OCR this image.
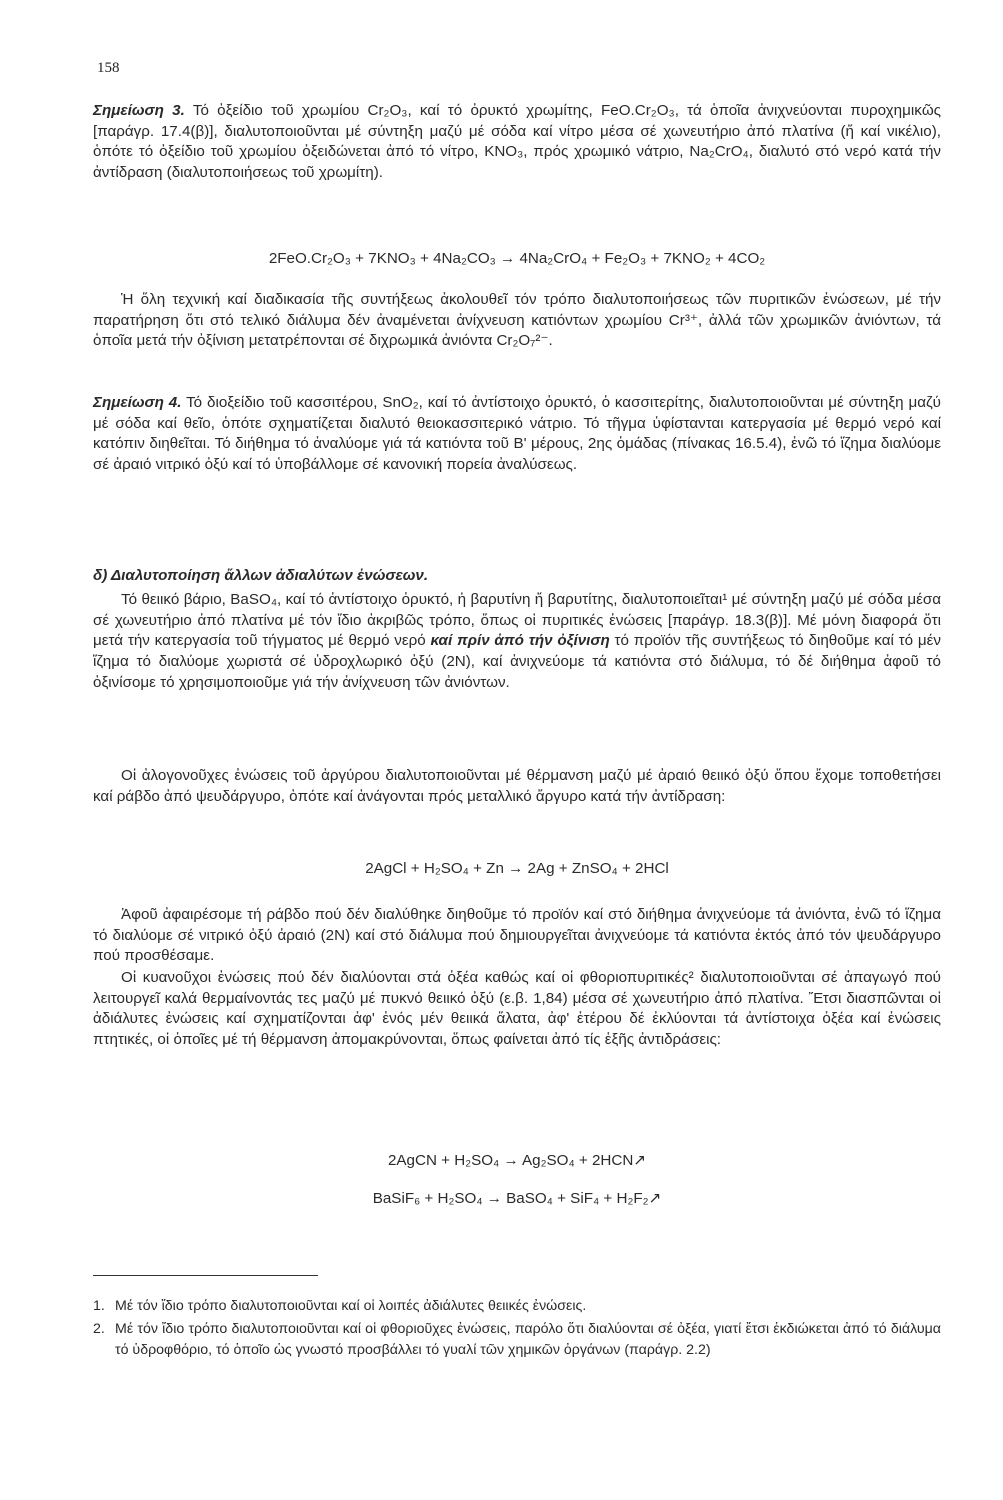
158

Σημείωση 3. Τό ὀξείδιο τοῦ χρωμίου Cr₂O₃, καί τό ὀρυκτό χρωμίτης, FeO.Cr₂O₃, τά ὁποῖα ἀνιχνεύονται πυροχημικῶς [παράγρ. 17.4(β)], διαλυτοποιοῦνται μέ σύντηξη μαζύ μέ σόδα καί νίτρο μέσα σέ χωνευτήριο ἀπό πλατίνα (ἤ καί νικέλιο), ὁπότε τό ὀξείδιο τοῦ χρωμίου ὀξειδώνεται ἀπό τό νίτρο, KNO₃, πρός χρωμικό νάτριο, Na₂CrO₄, διαλυτό στό νερό κατά τήν ἀντίδραση (διαλυτοποιήσεως τοῦ χρωμίτη).

2FeO.Cr₂O₃ + 7KNO₃ + 4Na₂CO₃ → 4Na₂CrO₄ + Fe₂O₃ + 7KNO₂ + 4CO₂

Ἡ ὅλη τεχνική καί διαδικασία τῆς συντήξεως ἀκολουθεῖ τόν τρόπο διαλυτοποιήσεως τῶν πυριτικῶν ἐνώσεων, μέ τήν παρατήρηση ὅτι στό τελικό διάλυμα δέν ἀναμένεται ἀνίχνευση κατιόντων χρωμίου Cr³⁺, ἀλλά τῶν χρωμικῶν ἀνιόντων, τά ὁποῖα μετά τήν ὀξίνιση μετατρέπονται σέ διχρωμικά ἀνιόντα Cr₂O₇²⁻.

Σημείωση 4. Τό διοξείδιο τοῦ κασσιτέρου, SnO₂, καί τό ἀντίστοιχο ὀρυκτό, ὁ κασσιτερίτης, διαλυτοποιοῦνται μέ σύντηξη μαζύ μέ σόδα καί θεῖο, ὁπότε σχηματίζεται διαλυτό θειοκασσιτερικό νάτριο. Τό τῆγμα ὑφίστανται κατεργασία μέ θερμό νερό καί κατόπιν διηθεῖται. Τό διήθημα τό ἀναλύομε γιά τά κατιόντα τοῦ Β' μέρους, 2ης ὁμάδας (πίνακας 16.5.4), ἐνῶ τό ἵζημα διαλύομε σέ ἀραιό νιτρικό ὀξύ καί τό ὑποβάλλομε σέ κανονική πορεία ἀναλύσεως.

δ) Διαλυτοποίηση ἄλλων ἀδιαλύτων ἐνώσεων.

Τό θειικό βάριο, BaSO₄, καί τό ἀντίστοιχο ὀρυκτό, ἡ βαρυτίνη ἤ βαρυτίτης, διαλυτοποιεῖται¹ μέ σύντηξη μαζύ μέ σόδα μέσα σέ χωνευτήριο ἀπό πλατίνα μέ τόν ἴδιο ἀκριβῶς τρόπο, ὅπως οἱ πυριτικές ἐνώσεις [παράγρ. 18.3(β)]. Μέ μόνη διαφορά ὅτι μετά τήν κατεργασία τοῦ τήγματος μέ θερμό νερό καί πρίν ἀπό τήν ὀξίνιση τό προϊόν τῆς συντήξεως τό διηθοῦμε καί τό μέν ἵζημα τό διαλύομε χωριστά σέ ὑδροχλωρικό ὀξύ (2Ν), καί ἀνιχνεύομε τά κατιόντα στό διάλυμα, τό δέ διήθημα ἀφοῦ τό ὀξινίσομε τό χρησιμοποιοῦμε γιά τήν ἀνίχνευση τῶν ἀνιόντων.

Οἱ ἀλογονοῦχες ἐνώσεις τοῦ ἀργύρου διαλυτοποιοῦνται μέ θέρμανση μαζύ μέ ἀραιό θειικό ὀξύ ὅπου ἔχομε τοποθετήσει καί ράβδο ἀπό ψευδάργυρο, ὁπότε καί ἀνάγονται πρός μεταλλικό ἄργυρο κατά τήν ἀντίδραση:

2AgCl + H₂SO₄ + Zn → 2Ag + ZnSO₄ + 2HCl

Ἀφοῦ ἀφαιρέσομε τή ράβδο πού δέν διαλύθηκε διηθοῦμε τό προϊόν καί στό διήθημα ἀνιχνεύομε τά ἀνιόντα, ἐνῶ τό ἵζημα τό διαλύομε σέ νιτρικό ὀξύ ἀραιό (2Ν) καί στό διάλυμα πού δημιουργεῖται ἀνιχνεύομε τά κατιόντα ἐκτός ἀπό τόν ψευδάργυρο πού προσθέσαμε.

Οἱ κυανοῦχοι ἐνώσεις πού δέν διαλύονται στά ὀξέα καθώς καί οἱ φθοριοπυριτικές² διαλυτοποιοῦνται σέ ἀπαγωγό πού λειτουργεῖ καλά θερμαίνοντάς τες μαζύ μέ πυκνό θειικό ὀξύ (ε.β. 1,84) μέσα σέ χωνευτήριο ἀπό πλατίνα. Ἔτσι διασπῶνται οἱ ἀδιάλυτες ἐνώσεις καί σχηματίζονται ἀφ' ἑνός μέν θειικά ἅλατα, ἀφ' ἑτέρου δέ ἐκλύονται τά ἀντίστοιχα ὀξέα καί ἐνώσεις πτητικές, οἱ ὁποῖες μέ τή θέρμανση ἀπομακρύνονται, ὅπως φαίνεται ἀπό τίς ἑξῆς ἀντιδράσεις:

2AgCN + H₂SO₄ → Ag₂SO₄ + 2HCN↗
BaSiF₆ + H₂SO₄ → BaSO₄ + SiF₄ + H₂F₂↗
1. Μέ τόν ἴδιο τρόπο διαλυτοποιοῦνται καί οἱ λοιπές ἀδιάλυτες θειικές ἐνώσεις.
2. Μέ τόν ἴδιο τρόπο διαλυτοποιοῦνται καί οἱ φθοριοῦχες ἐνώσεις, παρόλο ὅτι διαλύονται σέ ὀξέα, γιατί ἔτσι ἐκδιώκεται ἀπό τό διάλυμα τό ὑδροφθόριο, τό ὁποῖο ὡς γνωστό προσβάλλει τό γυαλί τῶν χημικῶν ὀργάνων (παράγρ. 2.2)
